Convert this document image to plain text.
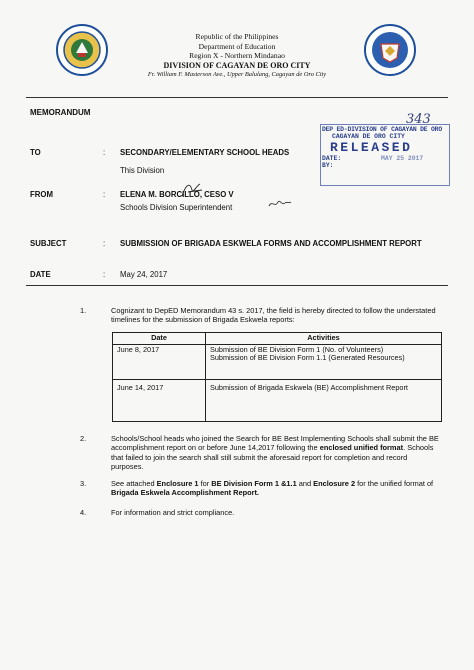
Republic of the Philippines
Department of Education
Region X - Northern Mindanao
DIVISION OF CAGAYAN DE ORO CITY
Fr. William F. Masterson Ave., Upper Balulang, Cagayan de Oro City
MEMORANDUM	343
DEP ED-DIVISION OF CAGAYAN DE ORO
CAGAYAN DE ORO CITY
RELEASED
DATE:	MAY 25 2017
BY:
TO	: SECONDARY/ELEMENTARY SCHOOL HEADS
This Division
FROM	: ELENA M. BORCILLO, CESO V
Schools Division Superintendent
SUBJECT	: SUBMISSION OF BRIGADA ESKWELA FORMS AND ACCOMPLISHMENT REPORT
DATE	: May 24, 2017
1.	Cognizant to DepED Memorandum 43 s. 2017, the field is hereby directed to follow the understated timelines for the submission of Brigada Eskwela reports:
Date	Activities
June 8, 2017	Submission of BE Division Form 1 (No. of Volunteers)
Submission of BE Division Form 1.1 (Generated Resources)

June 14, 2017	Submission of Brigada Eskwela (BE) Accomplishment Report
2.	Schools/School heads who joined the Search for BE Best Implementing Schools shall submit the BE accomplishment report on or before June 14,2017 following the enclosed unified format. Schools that failed to join the search shall still submit the aforesaid report for completion and record purposes.
3.	See attached Enclosure 1 for BE Division Form 1 &1.1 and Enclosure 2 for the unified format of Brigada Eskwela Accomplishment Report.
4.	For information and strict compliance.
